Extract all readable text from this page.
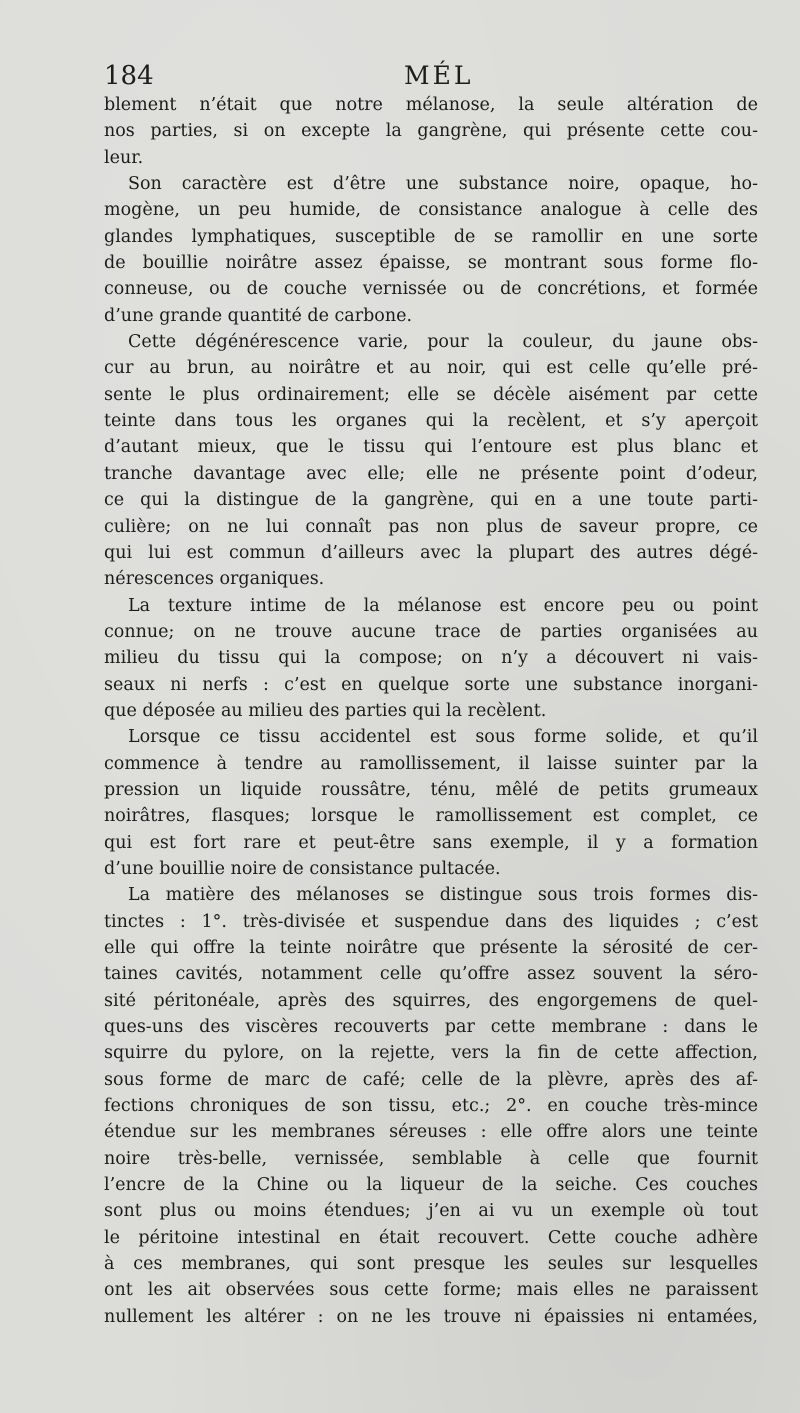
184	MÉL
blement n’était que notre mélanose, la seule altération de
nos parties, si on excepte la gangrène, qui présente cette cou-
leur.
Son caractère est d’être une substance noire, opaque, ho-
mogène, un peu humide, de consistance analogue à celle des
glandes lymphatiques, susceptible de se ramollir en une sorte
de bouillie noirâtre assez épaisse, se montrant sous forme flo-
conneuse, ou de couche vernissée ou de concrétions, et formée
d’une grande quantité de carbone.
Cette dégénérescence varie, pour la couleur, du jaune obs-
cur au brun, au noirâtre et au noir, qui est celle qu’elle pré-
sente le plus ordinairement; elle se décèle aisément par cette
teinte dans tous les organes qui la recèlent, et s’y aperçoit
d’autant mieux, que le tissu qui l’entoure est plus blanc et
tranche davantage avec elle; elle ne présente point d’odeur,
ce qui la distingue de la gangrène, qui en a une toute parti-
culière; on ne lui connaît pas non plus de saveur propre, ce
qui lui est commun d’ailleurs avec la plupart des autres dégé-
nérescences organiques.
La texture intime de la mélanose est encore peu ou point
connue; on ne trouve aucune trace de parties organisées au
milieu du tissu qui la compose; on n’y a découvert ni vais-
seaux ni nerfs : c’est en quelque sorte une substance inorgani-
que déposée au milieu des parties qui la recèlent.
Lorsque ce tissu accidentel est sous forme solide, et qu’il
commence à tendre au ramollissement, il laisse suinter par la
pression un liquide roussâtre, ténu, mêlé de petits grumeaux
noirâtres, flasques; lorsque le ramollissement est complet, ce
qui est fort rare et peut-être sans exemple, il y a formation
d’une bouillie noire de consistance pultacée.
La matière des mélanoses se distingue sous trois formes dis-
tinctes : 1°. très-divisée et suspendue dans des liquides ; c’est
elle qui offre la teinte noirâtre que présente la sérosité de cer-
taines cavités, notamment celle qu’offre assez souvent la séro-
sité péritonéale, après des squirres, des engorgemens de quel-
ques-uns des viscères recouverts par cette membrane : dans le
squirre du pylore, on la rejette, vers la fin de cette affection,
sous forme de marc de café; celle de la plèvre, après des af-
fections chroniques de son tissu, etc.; 2°. en couche très-mince
étendue sur les membranes séreuses : elle offre alors une teinte
noire très-belle, vernissée, semblable à celle que fournit
l’encre de la Chine ou la liqueur de la seiche. Ces couches
sont plus ou moins étendues; j’en ai vu un exemple où tout
le péritoine intestinal en était recouvert. Cette couche adhère
à ces membranes, qui sont presque les seules sur lesquelles
ont les ait observées sous cette forme; mais elles ne paraissent
nullement les altérer : on ne les trouve ni épaissies ni entamées,
